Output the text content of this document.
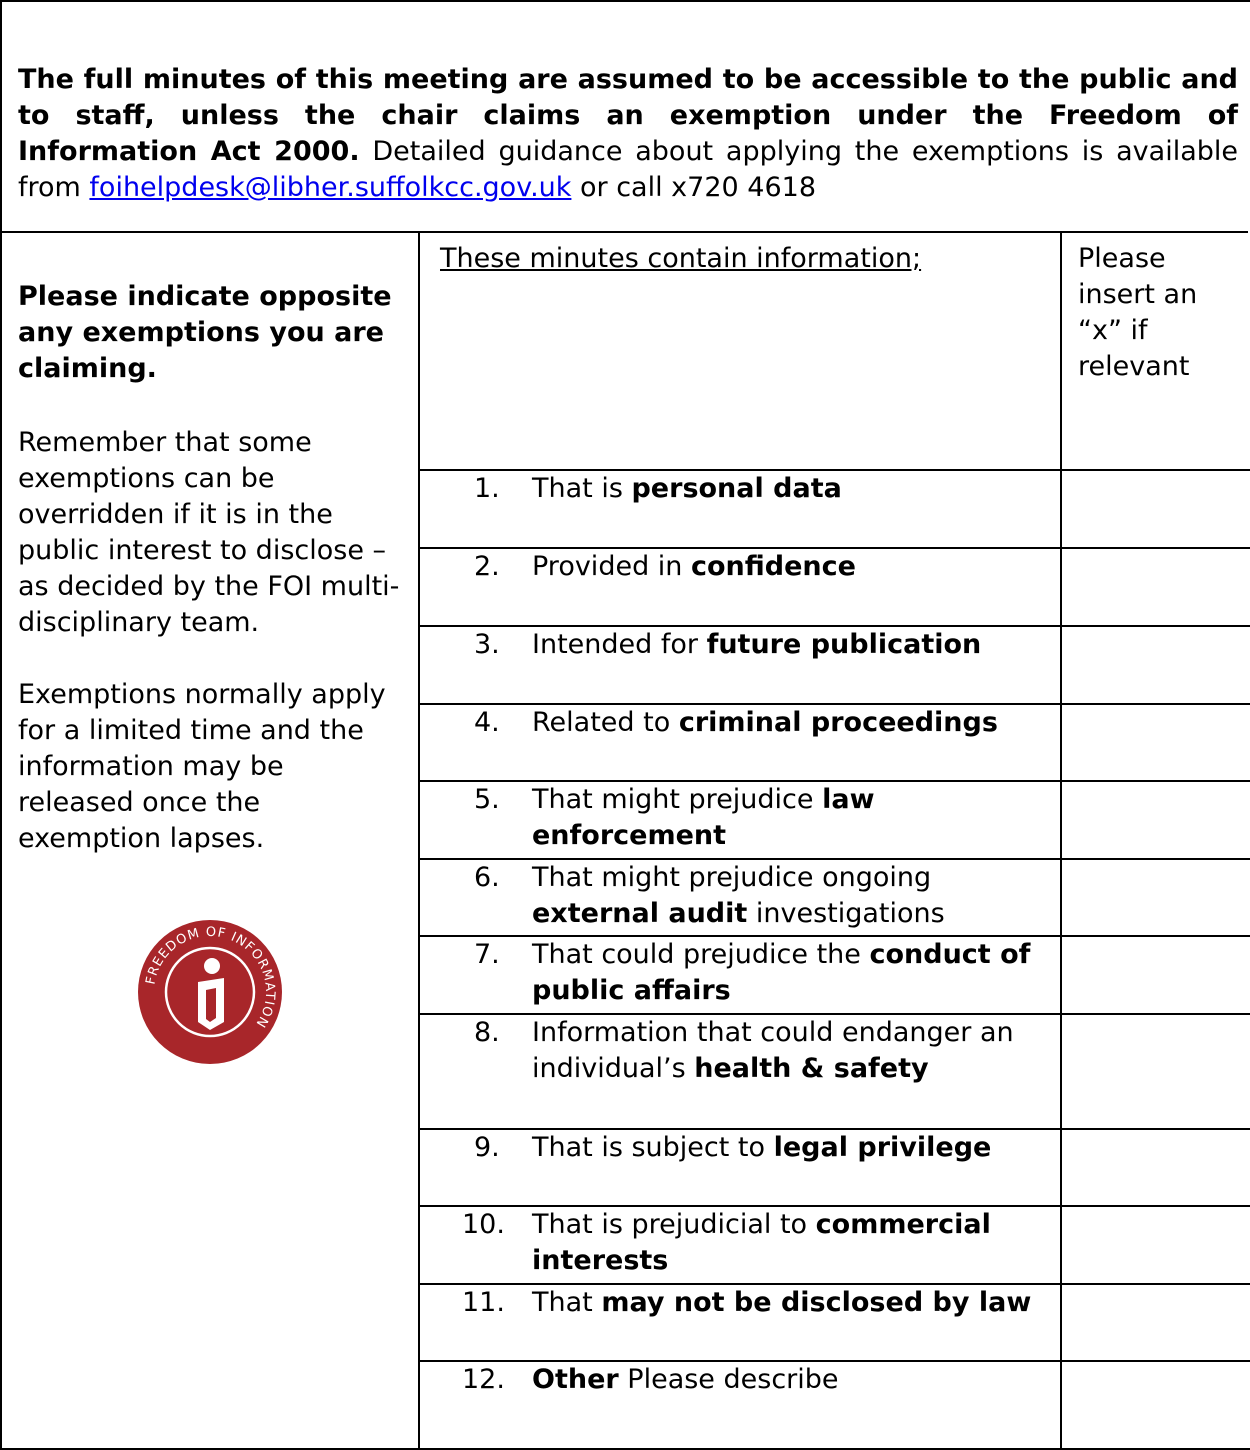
The full minutes of this meeting are assumed to be accessible to the public and to staff, unless the chair claims an exemption under the Freedom of Information Act 2000. Detailed guidance about applying the exemptions is available from foihelpdesk@libher.suffolkcc.gov.uk or call x720 4618
Please indicate opposite any exemptions you are claiming.

Remember that some exemptions can be overridden if it is in the public interest to disclose – as decided by the FOI multi-disciplinary team.

Exemptions normally apply for a limited time and the information may be released once the exemption lapses.

FREEDOM OF INFORMATION
These minutes contain information;	Please insert an “x” if relevant
1.	That is personal data
2.	Provided in confidence
3.	Intended for future publication
4.	Related to criminal proceedings
5.	That might prejudice law enforcement
6.	That might prejudice ongoing external audit investigations
7.	That could prejudice the conduct of public affairs
8.	Information that could endanger an individual’s health & safety
9.	That is subject to legal privilege
10.	That is prejudicial to commercial interests
11.	That may not be disclosed by law
12.	Other Please describe
